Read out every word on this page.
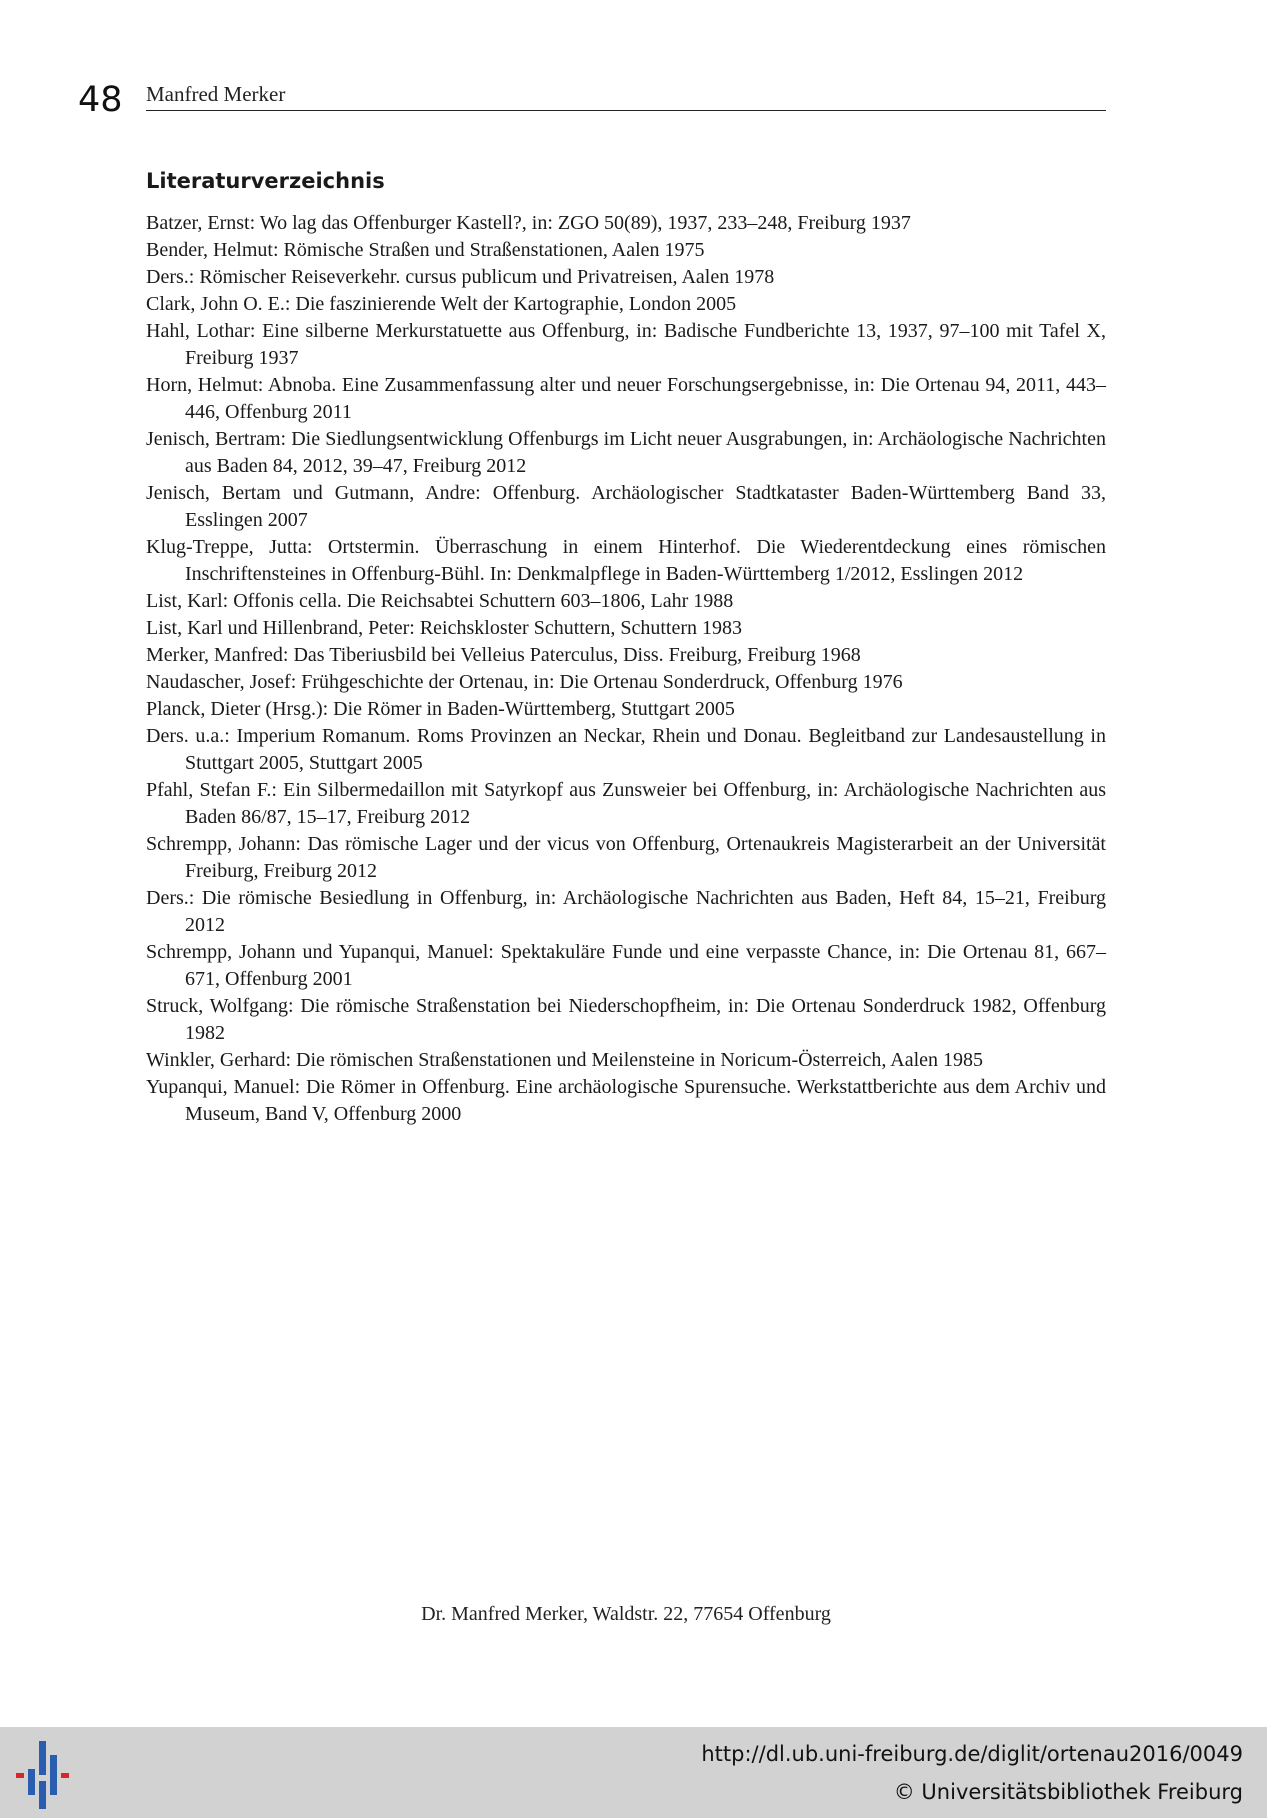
48 Manfred Merker
Literaturverzeichnis
Batzer, Ernst: Wo lag das Offenburger Kastell?, in: ZGO 50(89), 1937, 233–248, Freiburg 1937
Bender, Helmut: Römische Straßen und Straßenstationen, Aalen 1975
Ders.: Römischer Reiseverkehr. cursus publicum und Privatreisen, Aalen 1978
Clark, John O. E.: Die faszinierende Welt der Kartographie, London 2005
Hahl, Lothar: Eine silberne Merkurstatuette aus Offenburg, in: Badische Fundberichte 13, 1937, 97–100 mit Tafel X, Freiburg 1937
Horn, Helmut: Abnoba. Eine Zusammenfassung alter und neuer Forschungsergebnisse, in: Die Ortenau 94, 2011, 443–446, Offenburg 2011
Jenisch, Bertram: Die Siedlungsentwicklung Offenburgs im Licht neuer Ausgrabungen, in: Archäologische Nachrichten aus Baden 84, 2012, 39–47, Freiburg 2012
Jenisch, Bertam und Gutmann, Andre: Offenburg. Archäologischer Stadtkataster Baden-Württemberg Band 33, Esslingen 2007
Klug-Treppe, Jutta: Ortstermin. Überraschung in einem Hinterhof. Die Wiederentdeckung eines römischen Inschriftensteines in Offenburg-Bühl. In: Denkmalpflege in Baden-Württemberg 1/2012, Esslingen 2012
List, Karl: Offonis cella. Die Reichsabtei Schuttern 603–1806, Lahr 1988
List, Karl und Hillenbrand, Peter: Reichskloster Schuttern, Schuttern 1983
Merker, Manfred: Das Tiberiusbild bei Velleius Paterculus, Diss. Freiburg, Freiburg 1968
Naudascher, Josef: Frühgeschichte der Ortenau, in: Die Ortenau Sonderdruck, Offenburg 1976
Planck, Dieter (Hrsg.): Die Römer in Baden-Württemberg, Stuttgart 2005
Ders. u.a.: Imperium Romanum. Roms Provinzen an Neckar, Rhein und Donau. Begleitband zur Landesaustellung in Stuttgart 2005, Stuttgart 2005
Pfahl, Stefan F.: Ein Silbermedaillon mit Satyrkopf aus Zunsweier bei Offenburg, in: Archäologische Nachrichten aus Baden 86/87, 15–17, Freiburg 2012
Schrempp, Johann: Das römische Lager und der vicus von Offenburg, Ortenaukreis Magisterarbeit an der Universität Freiburg, Freiburg 2012
Ders.: Die römische Besiedlung in Offenburg, in: Archäologische Nachrichten aus Baden, Heft 84, 15–21, Freiburg 2012
Schrempp, Johann und Yupanqui, Manuel: Spektakuläre Funde und eine verpasste Chance, in: Die Ortenau 81, 667–671, Offenburg 2001
Struck, Wolfgang: Die römische Straßenstation bei Niederschopfheim, in: Die Ortenau Sonderdruck 1982, Offenburg 1982
Winkler, Gerhard: Die römischen Straßenstationen und Meilensteine in Noricum-Österreich, Aalen 1985
Yupanqui, Manuel: Die Römer in Offenburg. Eine archäologische Spurensuche. Werkstattberichte aus dem Archiv und Museum, Band V, Offenburg 2000
Dr. Manfred Merker, Waldstr. 22, 77654 Offenburg
http://dl.ub.uni-freiburg.de/diglit/ortenau2016/0049
© Universitätsbibliothek Freiburg
